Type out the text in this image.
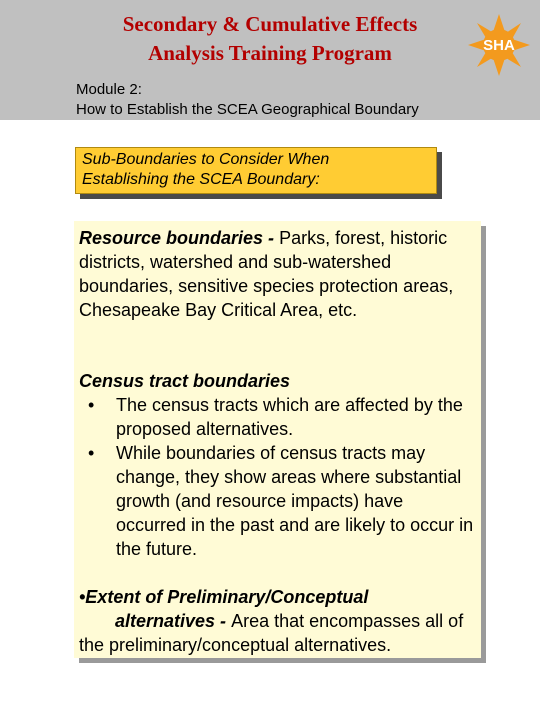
Secondary & Cumulative Effects
Analysis Training Program	SHA
Module 2:
How to Establish the SCEA Geographical Boundary
Sub-Boundaries to Consider When
Establishing the SCEA Boundary:
Resource boundaries - Parks, forest, historic districts, watershed and sub-watershed boundaries, sensitive species protection areas, Chesapeake Bay Critical Area, etc.
Census tract boundaries
• The census tracts which are affected by the proposed alternatives.
• While boundaries of census tracts may change, they show areas where substantial growth (and resource impacts) have occurred in the past and are likely to occur in the future.
•Extent of Preliminary/Conceptual
alternatives - Area that encompasses all of the preliminary/conceptual alternatives.
